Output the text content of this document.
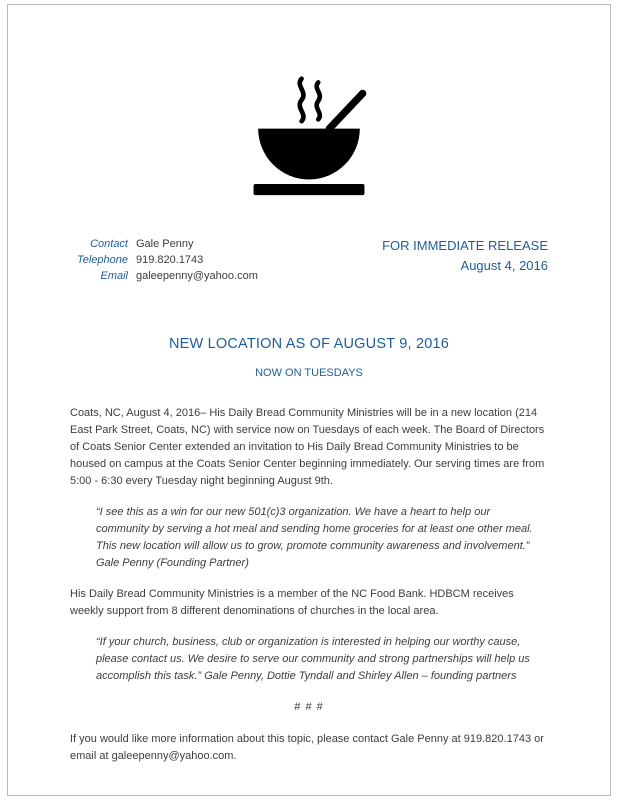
Contact Gale Penny
Telephone 919.820.1743
Email galeepenny@yahoo.com
FOR IMMEDIATE RELEASE
August 4, 2016
NEW LOCATION AS OF AUGUST 9, 2016
NOW ON TUESDAYS
Coats, NC, August 4, 2016– His Daily Bread Community Ministries will be in a new location (214 East Park Street, Coats, NC) with service now on Tuesdays of each week. The Board of Directors of Coats Senior Center extended an invitation to His Daily Bread Community Ministries to be housed on campus at the Coats Senior Center beginning immediately. Our serving times are from 5:00 - 6:30 every Tuesday night beginning August 9th.
“I see this as a win for our new 501(c)3 organization. We have a heart to help our community by serving a hot meal and sending home groceries for at least one other meal. This new location will allow us to grow, promote community awareness and involvement.” Gale Penny (Founding Partner)
His Daily Bread Community Ministries is a member of the NC Food Bank. HDBCM receives weekly support from 8 different denominations of churches in the local area.
“If your church, business, club or organization is interested in helping our worthy cause, please contact us. We desire to serve our community and strong partnerships will help us accomplish this task.” Gale Penny, Dottie Tyndall and Shirley Allen – founding partners
# # #
If you would like more information about this topic, please contact Gale Penny at 919.820.1743 or email at galeepenny@yahoo.com.
